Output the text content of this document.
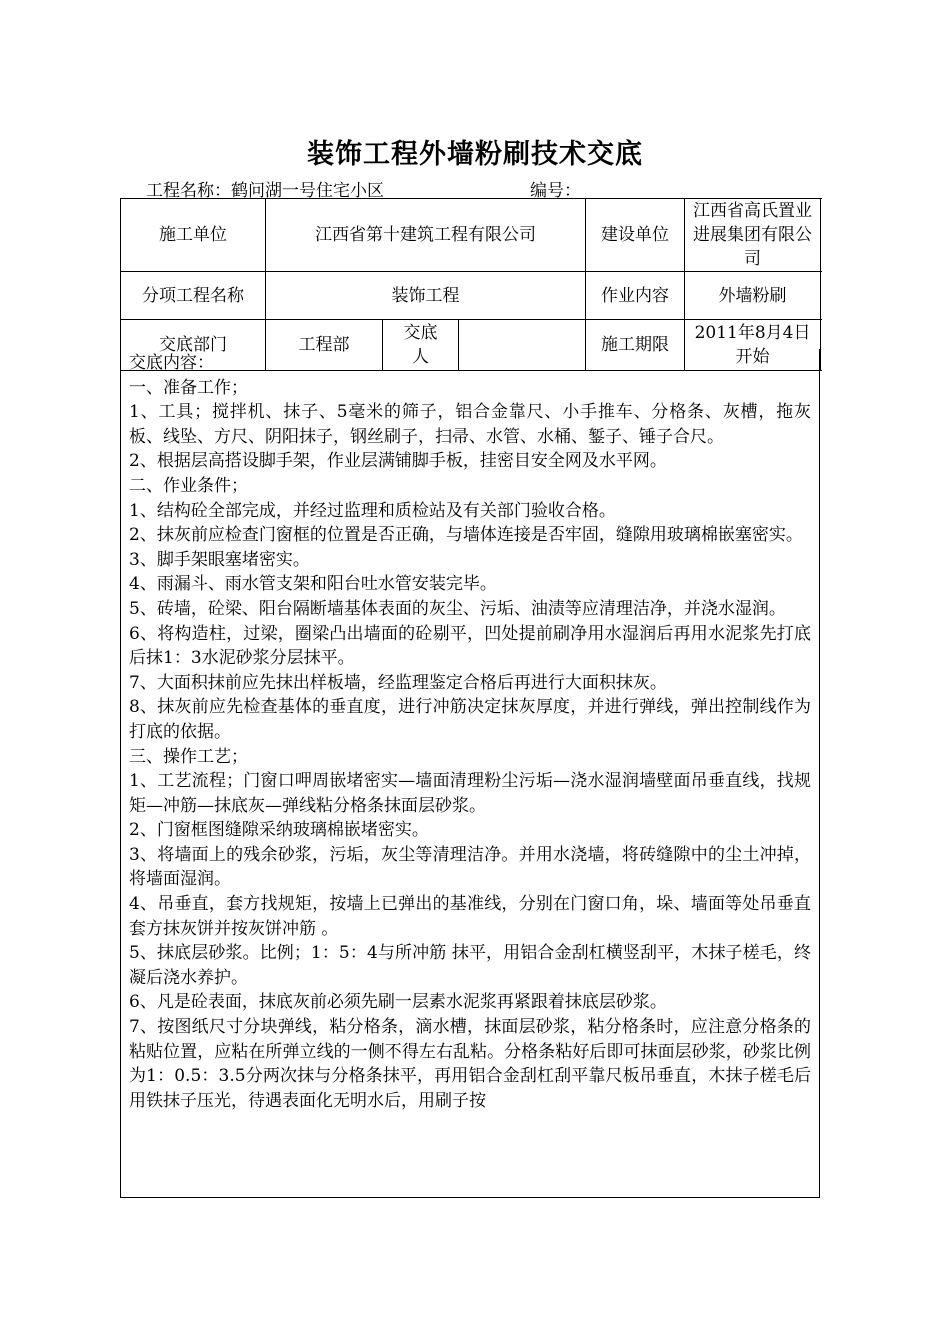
装饰工程外墙粉刷技术交底
工程名称：鹤问湖一号住宅小区	编号：
施工单位	江西省第十建筑工程有限公司			建设单位	江西省高氏置业进展集团有限公司
分项工程名称	装饰工程			作业内容	外墙粉刷
交底部门	工程部	交底人		施工期限	2011年8月4日开始

交底内容：

一、准备工作；

1、工具；搅拌机、抹子、5毫米的筛子，铝合金靠尺、小手推车、分格条、灰槽，拖灰板、线坠、方尺、阴阳抹子，钢丝刷子，扫帚、水管、水桶、錾子、锤子合尺。

2、根据层高搭设脚手架，作业层满铺脚手板，挂密目安全网及水平网。

二、作业条件；

1、结构砼全部完成，并经过监理和质检站及有关部门验收合格。

2、抹灰前应检查门窗框的位置是否正确，与墙体连接是否牢固，缝隙用玻璃棉嵌塞密实。

3、脚手架眼塞堵密实。

4、雨漏斗、雨水管支架和阳台吐水管安装完毕。

5、砖墙，砼梁、阳台隔断墙基体表面的灰尘、污垢、油渍等应清理洁净，并浇水湿润。

6、将构造柱，过梁，圈梁凸出墙面的砼剔平，凹处提前刷净用水湿润后再用水泥浆先打底后抹1：3水泥砂浆分层抹平。

7、大面积抹前应先抹出样板墙，经监理鉴定合格后再进行大面积抹灰。

8、抹灰前应先检查基体的垂直度，进行冲筋决定抹灰厚度，并进行弹线，弹出控制线作为打底的依据。

三、操作工艺；

1、工艺流程；门窗口呷周嵌堵密实—墙面清理粉尘污垢—浇水湿润墙壁面吊垂直线，找规矩—冲筋—抹底灰—弹线粘分格条抹面层砂浆。

2、门窗框图缝隙采纳玻璃棉嵌堵密实。

3、将墙面上的残余砂浆，污垢，灰尘等清理洁净。并用水浇墙，将砖缝隙中的尘土冲掉，将墙面湿润。

4、吊垂直，套方找规矩，按墙上已弹出的基准线，分别在门窗口角，垛、墙面等处吊垂直套方抹灰饼并按灰饼冲筋 。

5、抹底层砂浆。比例；1：5：4与所冲筋 抹平，用铝合金刮杠横竖刮平，木抹子槎毛，终凝后浇水养护。

6、凡是砼表面，抹底灰前必须先刷一层素水泥浆再紧跟着抹底层砂浆。

7、按图纸尺寸分块弹线，粘分格条，滴水槽，抹面层砂浆，粘分格条时，应注意分格条的粘贴位置，应粘在所弹立线的一侧不得左右乱粘。分格条粘好后即可抹面层砂浆，砂浆比例为1：0.5：3.5分两次抹与分格条抹平，再用铝合金刮杠刮平靠尺板吊垂直，木抹子槎毛后用铁抹子压光，待遇表面化无明水后，用刷子按
